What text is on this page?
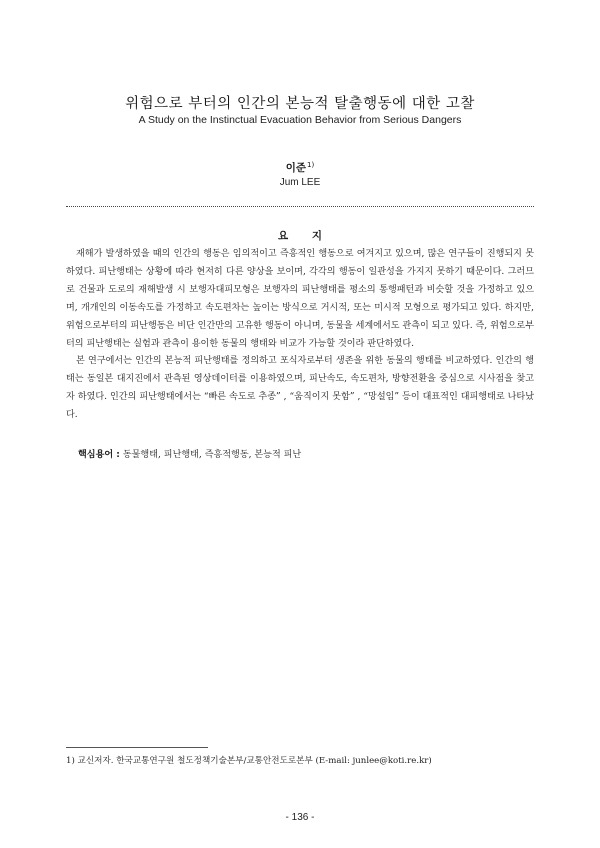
위험으로 부터의 인간의 본능적 탈출행동에 대한 고찰
A Study on the Instinctual Evacuation Behavior from Serious Dangers
이준$^{1)}$
Jum LEE
요 지

재해가 발생하였을 때의 인간의 행동은 임의적이고 즉흥적인 행동으로 여겨지고 있으며, 많은 연구들이 진행되지 못하였다. 피난행태는 상황에 따라 현저히 다른 양상을 보이며, 각각의 행동이 일관성을 가지지 못하기 때문이다. 그러므로 건물과 도로의 재해발생 시 보행자대피모형은 보행자의 피난행태를 평소의 통행패턴과 비슷할 것을 가정하고 있으며, 개개인의 이동속도를 가정하고 속도편차는 높이는 방식으로 거시적, 또는 미시적 모형으로 평가되고 있다. 하지만, 위험으로부터의 피난행동은 비단 인간만의 고유한 행동이 아니며, 동물을 세계에서도 관측이 되고 있다. 즉, 위험으로부터의 피난행태는 실험과 관측이 용이한 동물의 행태와 비교가 가능할 것이라 판단하였다.

본 연구에서는 인간의 본능적 피난행태를 정의하고 포식자로부터 생존을 위한 동물의 행태를 비교하였다. 인간의 행태는 동일본 대지진에서 관측된 영상데이터를 이용하였으며, 피난속도, 속도편차, 방향전환을 중심으로 시사점을 찾고자 하였다. 인간의 피난행태에서는 “빠른 속도로 추종” , “움직이지 못함” , “망설임” 등이 대표적인 대피행태로 나타났다.

핵심용어 : 동물행태, 피난행태, 즉흥적행동, 본능적 피난
1) 교신저자. 한국교통연구원 철도정책기술본부/교통안전도로본부 (E-mail: junlee@koti.re.kr)
- 136 -
